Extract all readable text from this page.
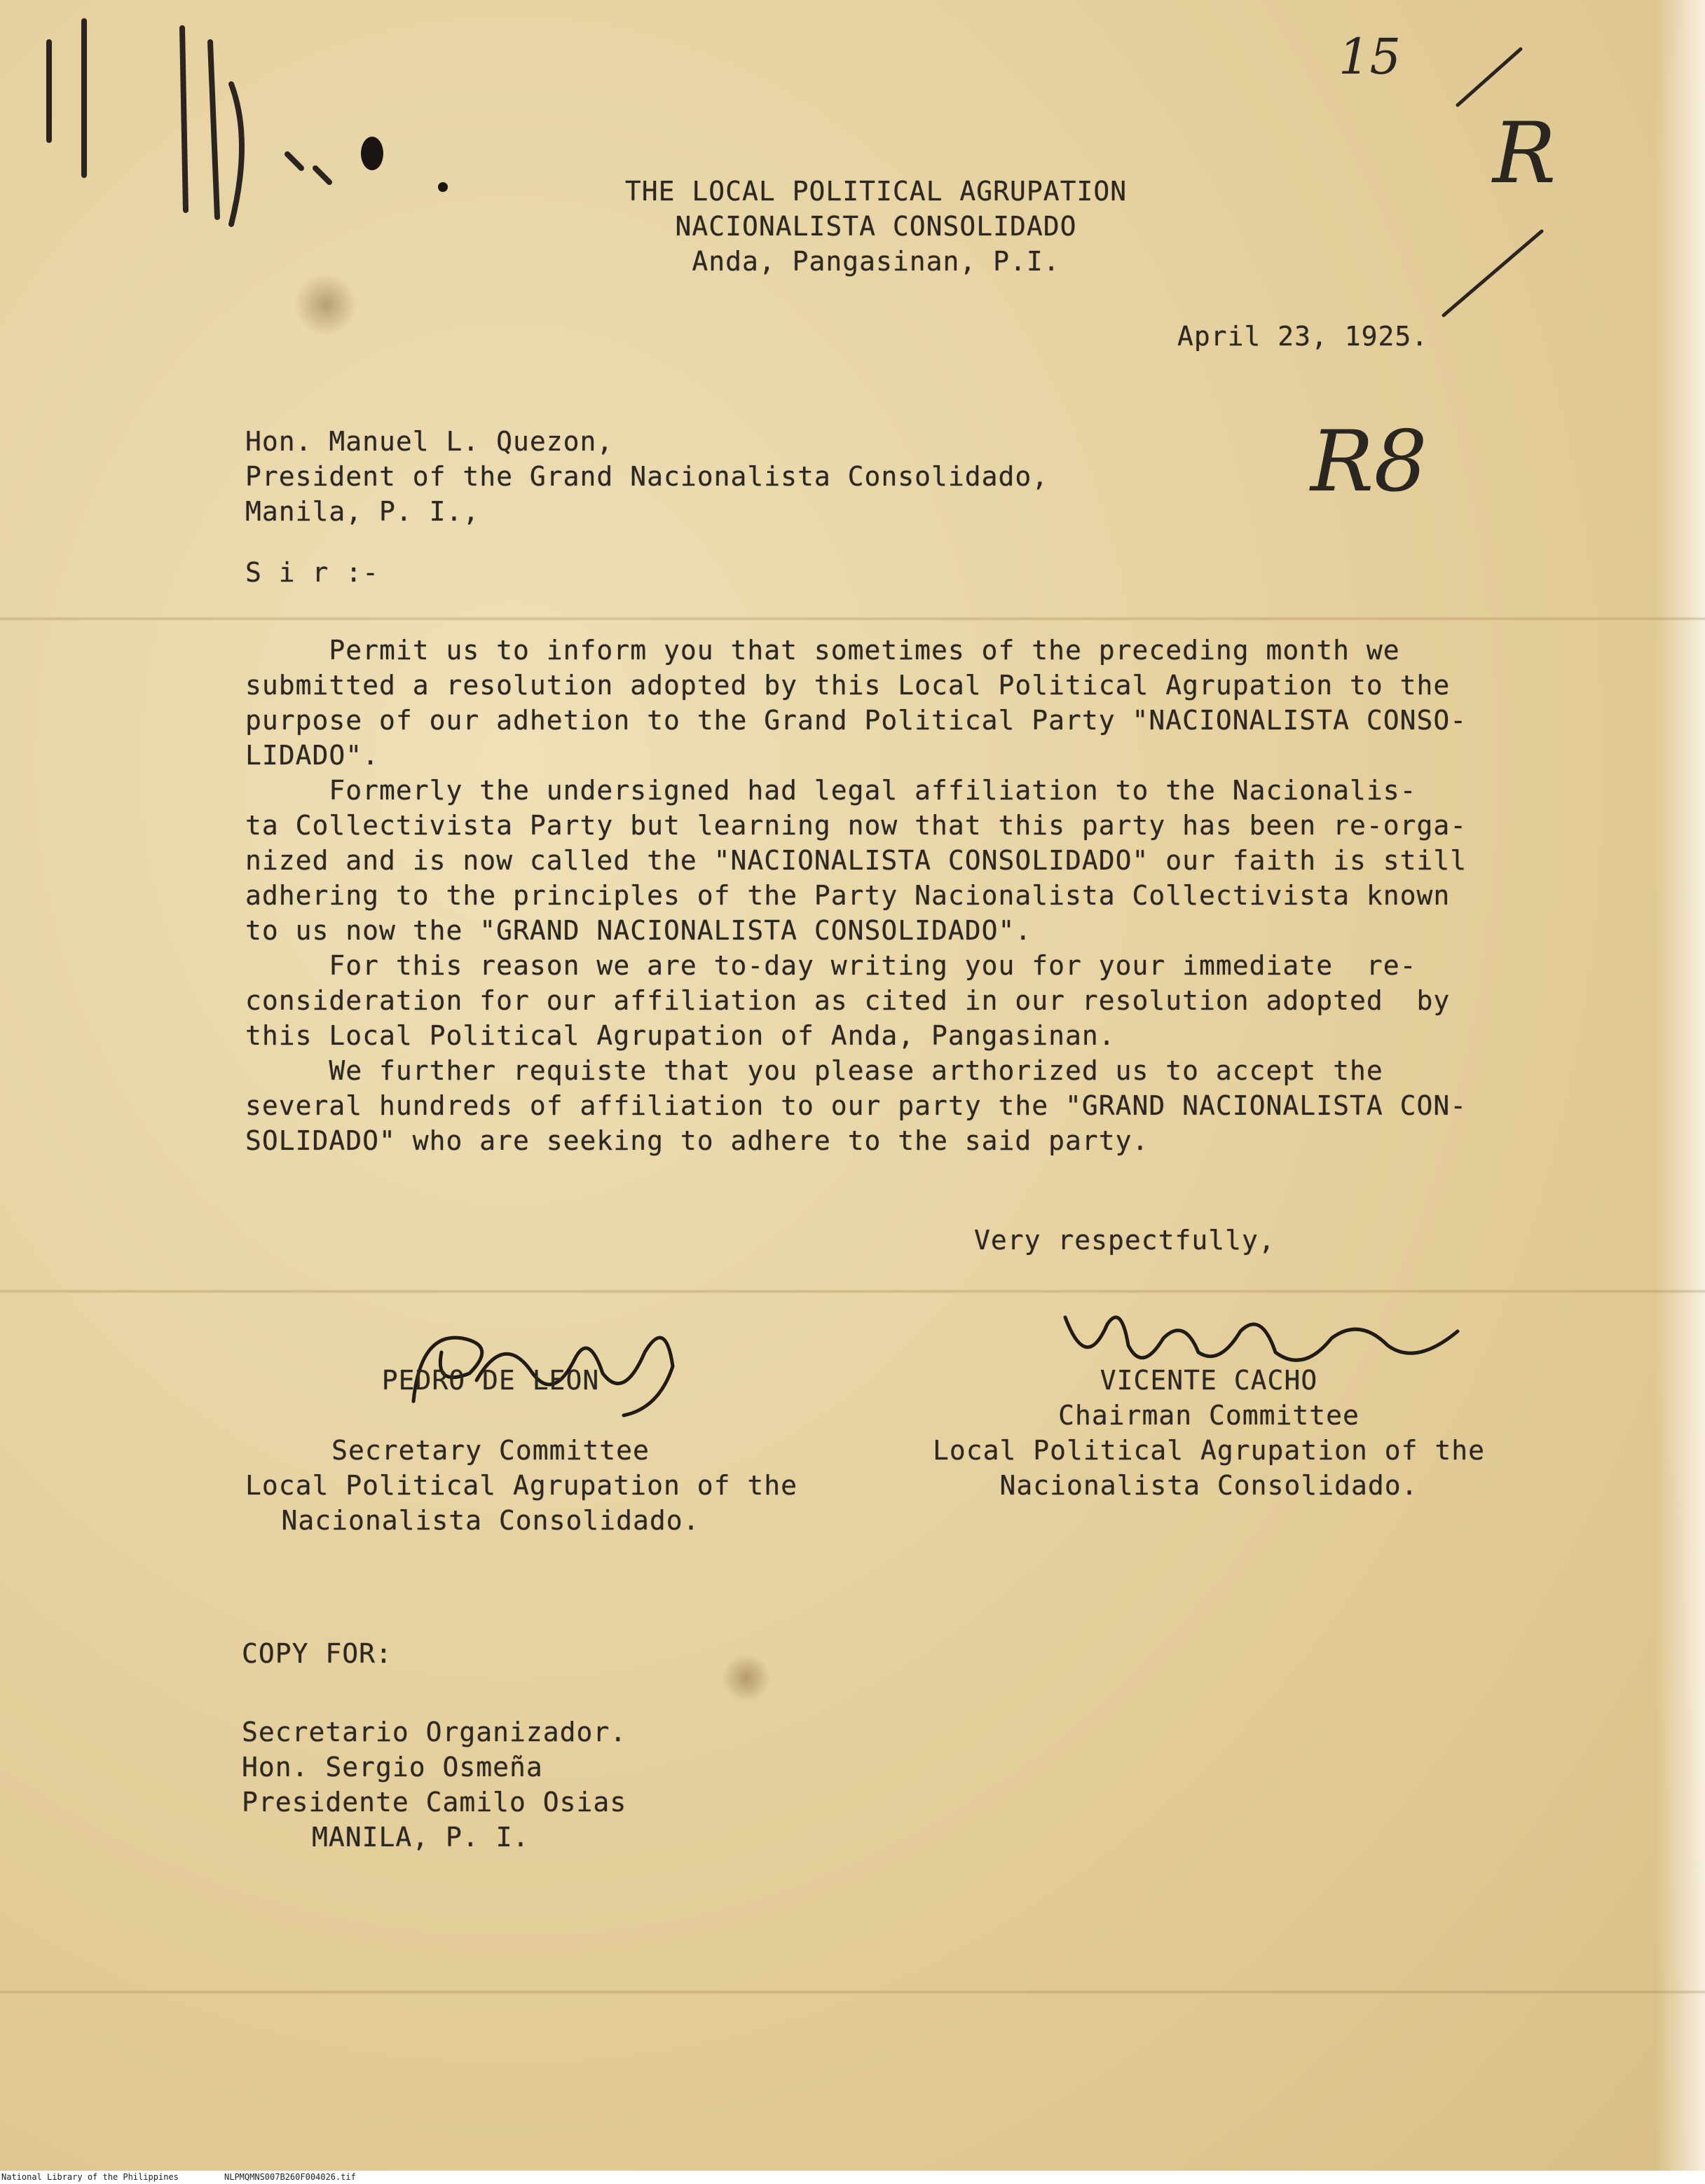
15
R
R8
THE LOCAL POLITICAL AGRUPATION
NACIONALISTA CONSOLIDADO
Anda, Pangasinan, P.I.
April 23, 1925.
Hon. Manuel L. Quezon,
President of the Grand Nacionalista Consolidado,
Manila, P. I.,
S i r :-
Permit us to inform you that sometimes of the preceding month we
submitted a resolution adopted by this Local Political Agrupation to the
purpose of our adhetion to the Grand Political Party "NACIONALISTA CONSO-
LIDADO".
Formerly the undersigned had legal affiliation to the Nacionalis-
ta Collectivista Party but learning now that this party has been re-orga-
nized and is now called the "NACIONALISTA CONSOLIDADO" our faith is still
adhering to the principles of the Party Nacionalista Collectivista known
to us now the "GRAND NACIONALISTA CONSOLIDADO".
For this reason we are to-day writing you for your immediate  re-
consideration for our affiliation as cited in our resolution adopted  by
this Local Political Agrupation of Anda, Pangasinan.
We further requiste that you please arthorized us to accept the
several hundreds of affiliation to our party the "GRAND NACIONALISTA CON-
SOLIDADO" who are seeking to adhere to the said party.
Very respectfully,
PEDRO DE LEON
Secretary Committee
Local Political Agrupation of the
Nacionalista Consolidado.
VICENTE CACHO
Chairman Committee
Local Political Agrupation of the
Nacionalista Consolidado.
COPY FOR:
Secretario Organizador.
Hon. Sergio Osmeña
Presidente Camilo Osias
MANILA, P. I.
National Library of the Philippines	NLPMQMNS007B260F004026.tif
